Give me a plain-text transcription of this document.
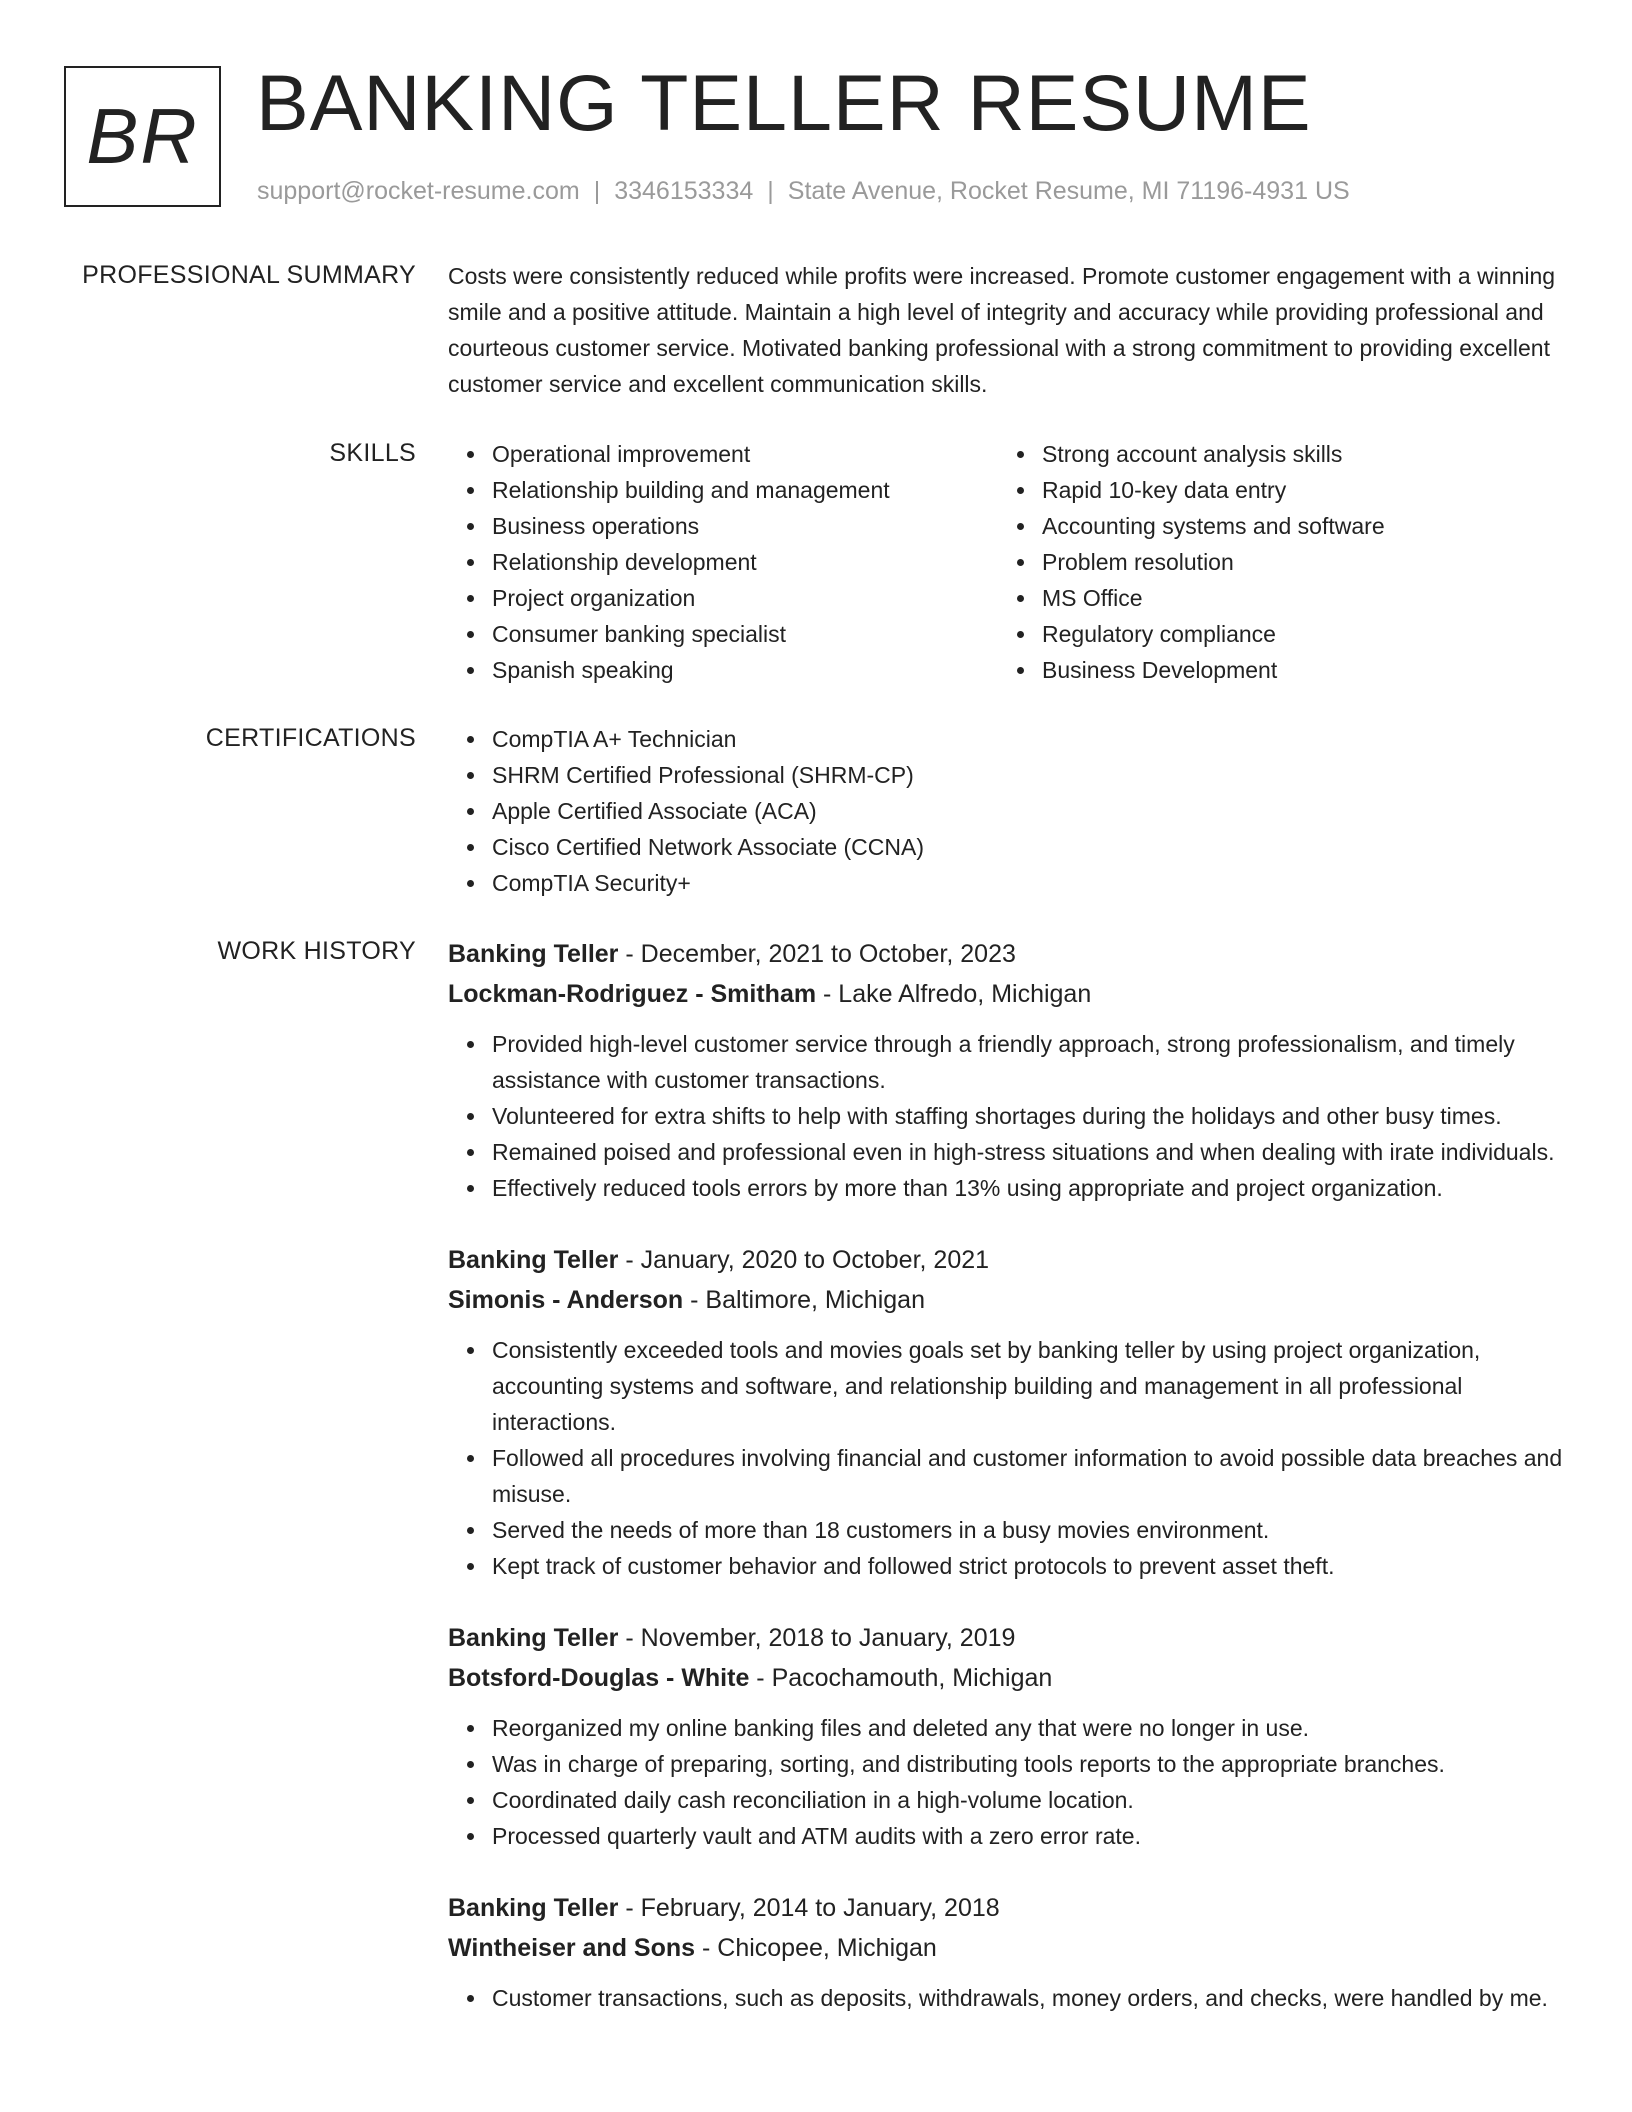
BR BANKING TELLER RESUME
support@rocket-resume.com | 3346153334 | State Avenue, Rocket Resume, MI 71196-4931 US
PROFESSIONAL SUMMARY Costs were consistently reduced while profits were increased. Promote customer engagement with a winning smile and a positive attitude. Maintain a high level of integrity and accuracy while providing professional and courteous customer service. Motivated banking professional with a strong commitment to providing excellent customer service and excellent communication skills.

SKILLS	Operational improvement
Relationship building and management
Business operations
Relationship development
Project organization
Consumer banking specialist
Spanish speaking
Strong account analysis skills
Rapid 10-key data entry
Accounting systems and software
Problem resolution
MS Office
Regulatory compliance
Business Development
CERTIFICATIONS	CompTIA A+ Technician
SHRM Certified Professional (SHRM-CP)
Apple Certified Associate (ACA)
Cisco Certified Network Associate (CCNA)
CompTIA Security+
WORK HISTORY Banking Teller - December, 2021 to October, 2023
Lockman-Rodriguez - Smitham - Lake Alfredo, Michigan
Provided high-level customer service through a friendly approach, strong professionalism, and timely assistance with customer transactions.
Volunteered for extra shifts to help with staffing shortages during the holidays and other busy times.
Remained poised and professional even in high-stress situations and when dealing with irate individuals.
Effectively reduced tools errors by more than 13% using appropriate and project organization.
Banking Teller - January, 2020 to October, 2021
Simonis - Anderson - Baltimore, Michigan
Consistently exceeded tools and movies goals set by banking teller by using project organization, accounting systems and software, and relationship building and management in all professional interactions.
Followed all procedures involving financial and customer information to avoid possible data breaches and misuse.
Served the needs of more than 18 customers in a busy movies environment.
Kept track of customer behavior and followed strict protocols to prevent asset theft.
Banking Teller - November, 2018 to January, 2019
Botsford-Douglas - White - Pacochamouth, Michigan
Reorganized my online banking files and deleted any that were no longer in use.
Was in charge of preparing, sorting, and distributing tools reports to the appropriate branches.
Coordinated daily cash reconciliation in a high-volume location.
Processed quarterly vault and ATM audits with a zero error rate.
Banking Teller - February, 2014 to January, 2018
Wintheiser and Sons - Chicopee, Michigan
Customer transactions, such as deposits, withdrawals, money orders, and checks, were handled by me.
